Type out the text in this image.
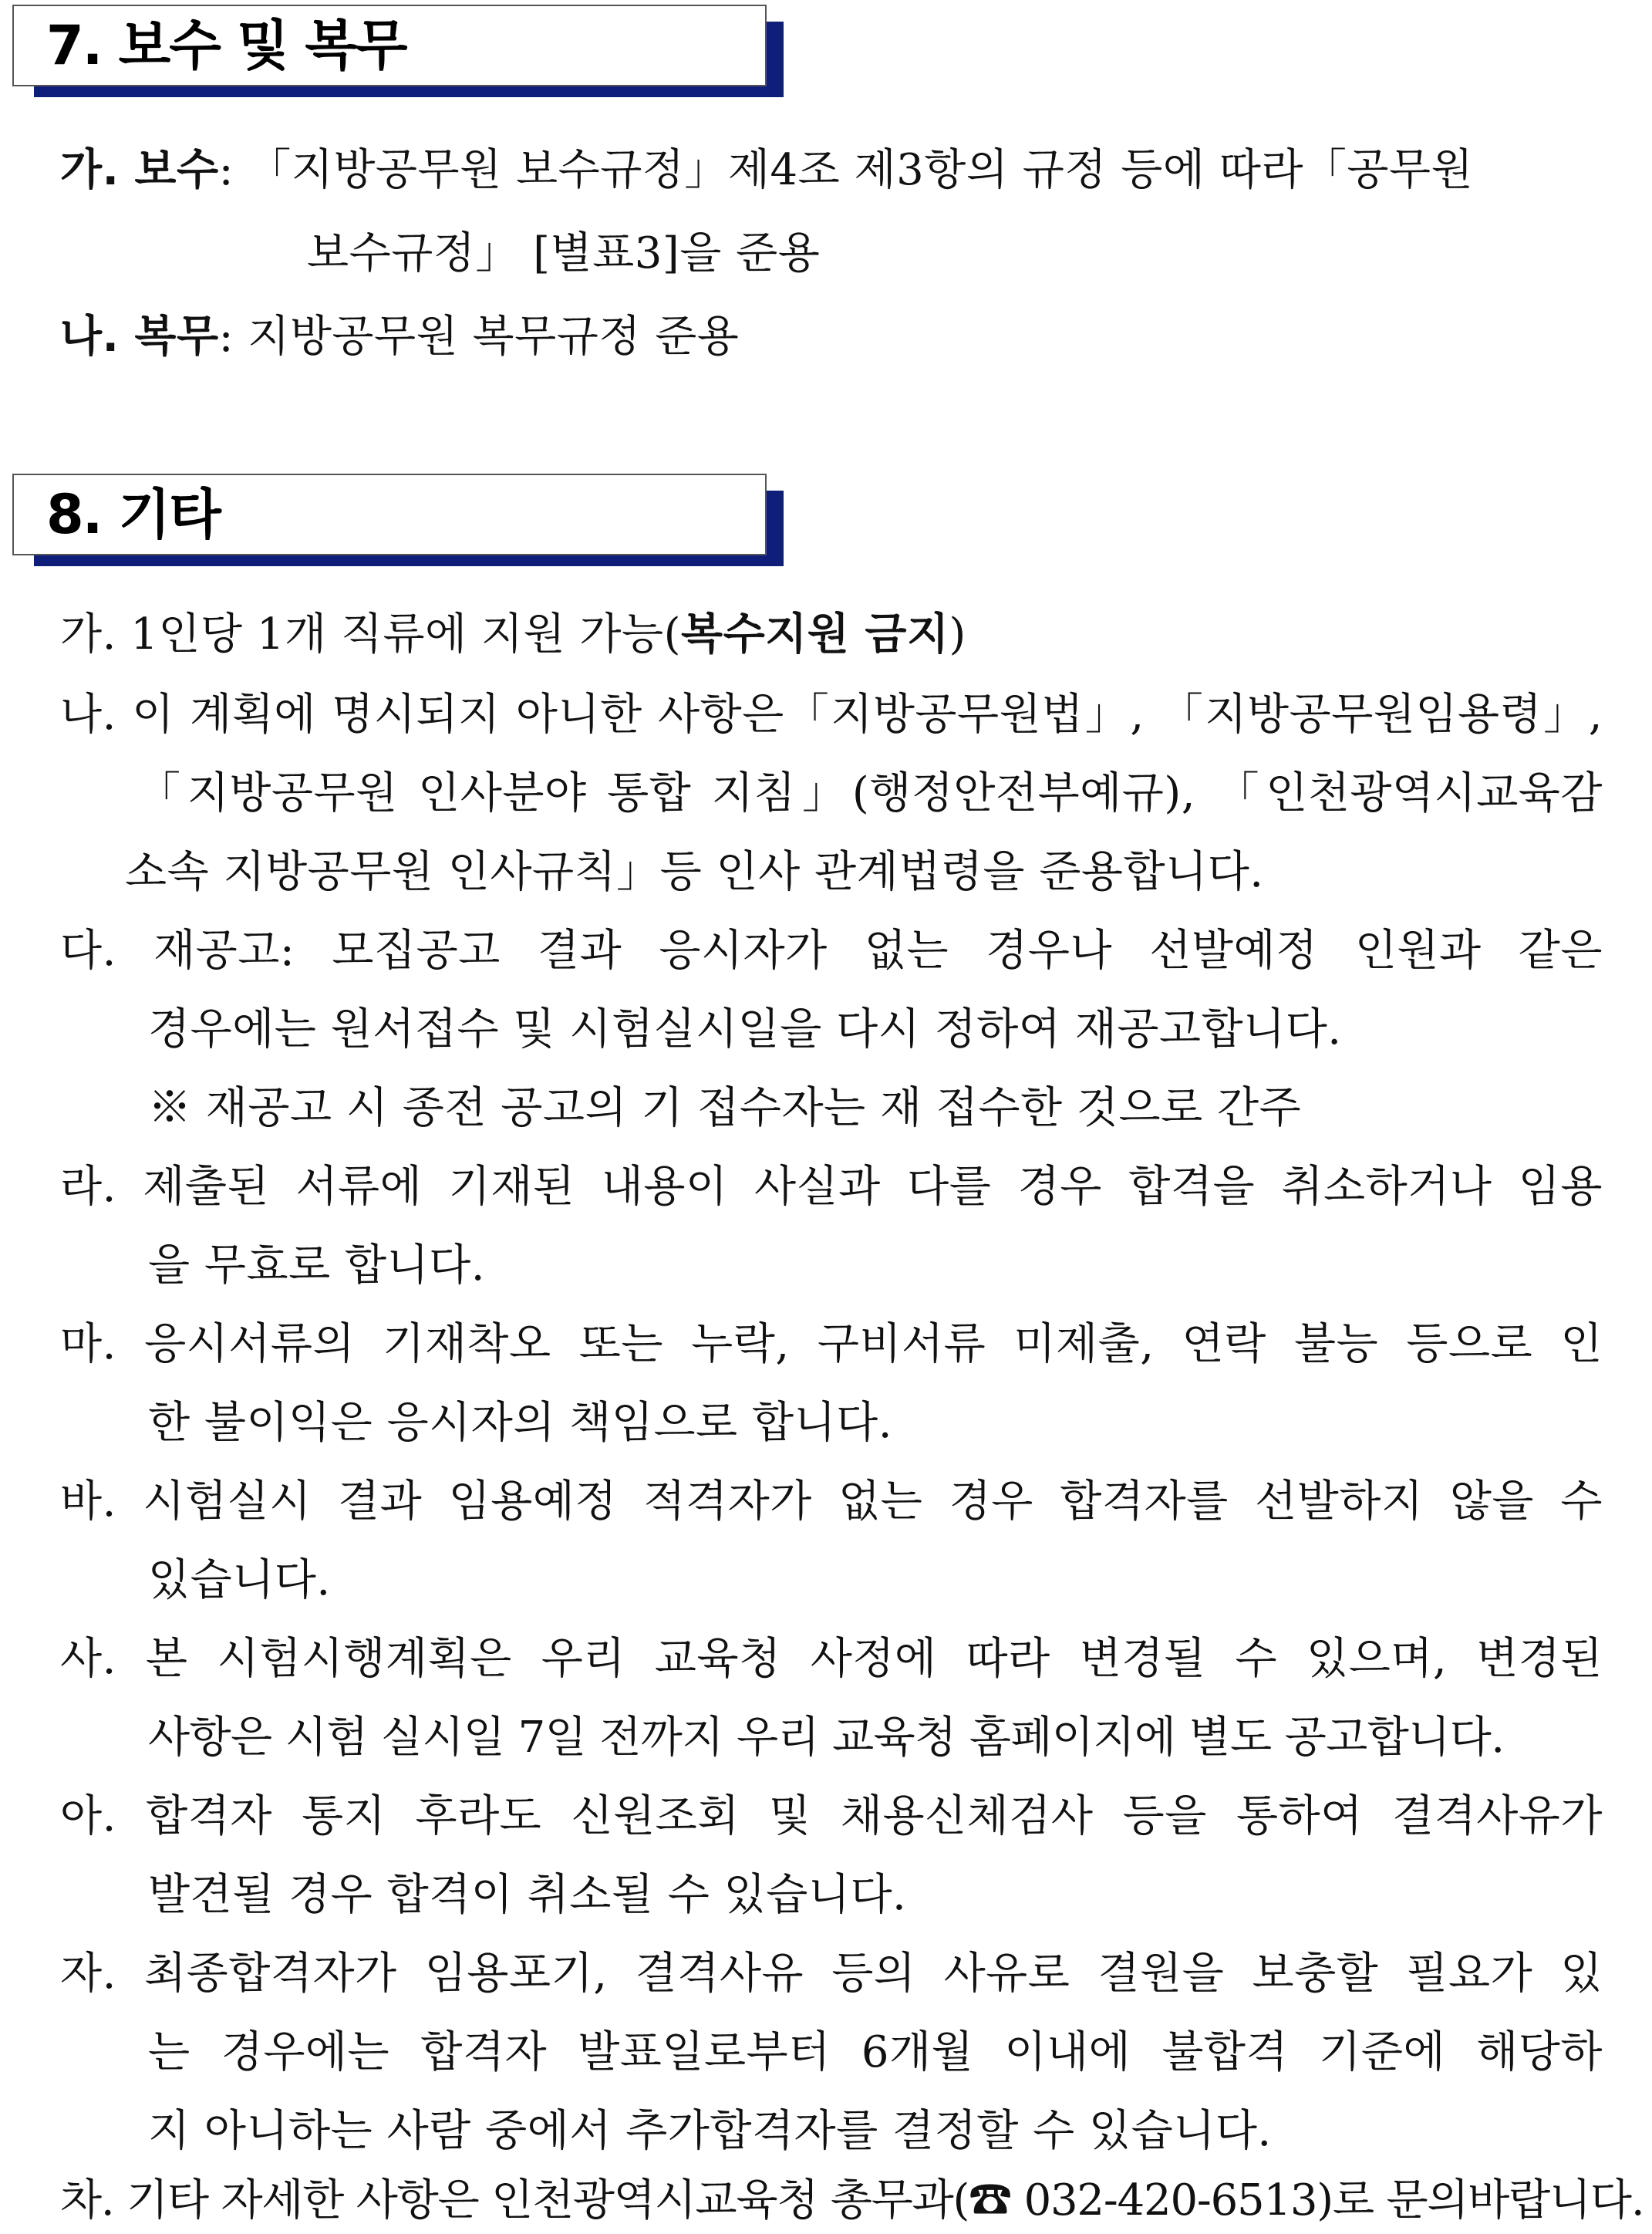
7. 보수 및 복무
가. 보수: 「지방공무원 보수규정」제4조 제3항의 규정 등에 따라「공무원
보수규정」 [별표3]을 준용
나. 복무: 지방공무원 복무규정 준용
8. 기타
가. 1인당 1개 직류에 지원 가능(복수지원 금지)
나. 이 계획에 명시되지 아니한 사항은「지방공무원법」, 「지방공무원임용령」,
「지방공무원 인사분야 통합 지침」(행정안전부예규), 「인천광역시교육감
소속 지방공무원 인사규칙」등 인사 관계법령을 준용합니다.
다. 재공고: 모집공고 결과 응시자가 없는 경우나 선발예정 인원과 같은
경우에는 원서접수 및 시험실시일을 다시 정하여 재공고합니다.
※ 재공고 시 종전 공고의 기 접수자는 재 접수한 것으로 간주
라. 제출된 서류에 기재된 내용이 사실과 다를 경우 합격을 취소하거나 임용
을 무효로 합니다.
마. 응시서류의 기재착오 또는 누락, 구비서류 미제출, 연락 불능 등으로 인
한 불이익은 응시자의 책임으로 합니다.
바. 시험실시 결과 임용예정 적격자가 없는 경우 합격자를 선발하지 않을 수
있습니다.
사. 본 시험시행계획은 우리 교육청 사정에 따라 변경될 수 있으며, 변경된
사항은 시험 실시일 7일 전까지 우리 교육청 홈페이지에 별도 공고합니다.
아. 합격자 통지 후라도 신원조회 및 채용신체검사 등을 통하여 결격사유가
발견될 경우 합격이 취소될 수 있습니다.
자. 최종합격자가 임용포기, 결격사유 등의 사유로 결원을 보충할 필요가 있
는 경우에는 합격자 발표일로부터 6개월 이내에 불합격 기준에 해당하
지 아니하는 사람 중에서 추가합격자를 결정할 수 있습니다.
차. 기타 자세한 사항은 인천광역시교육청 총무과(☎ 032-420-6513)로 문의바랍니다.
